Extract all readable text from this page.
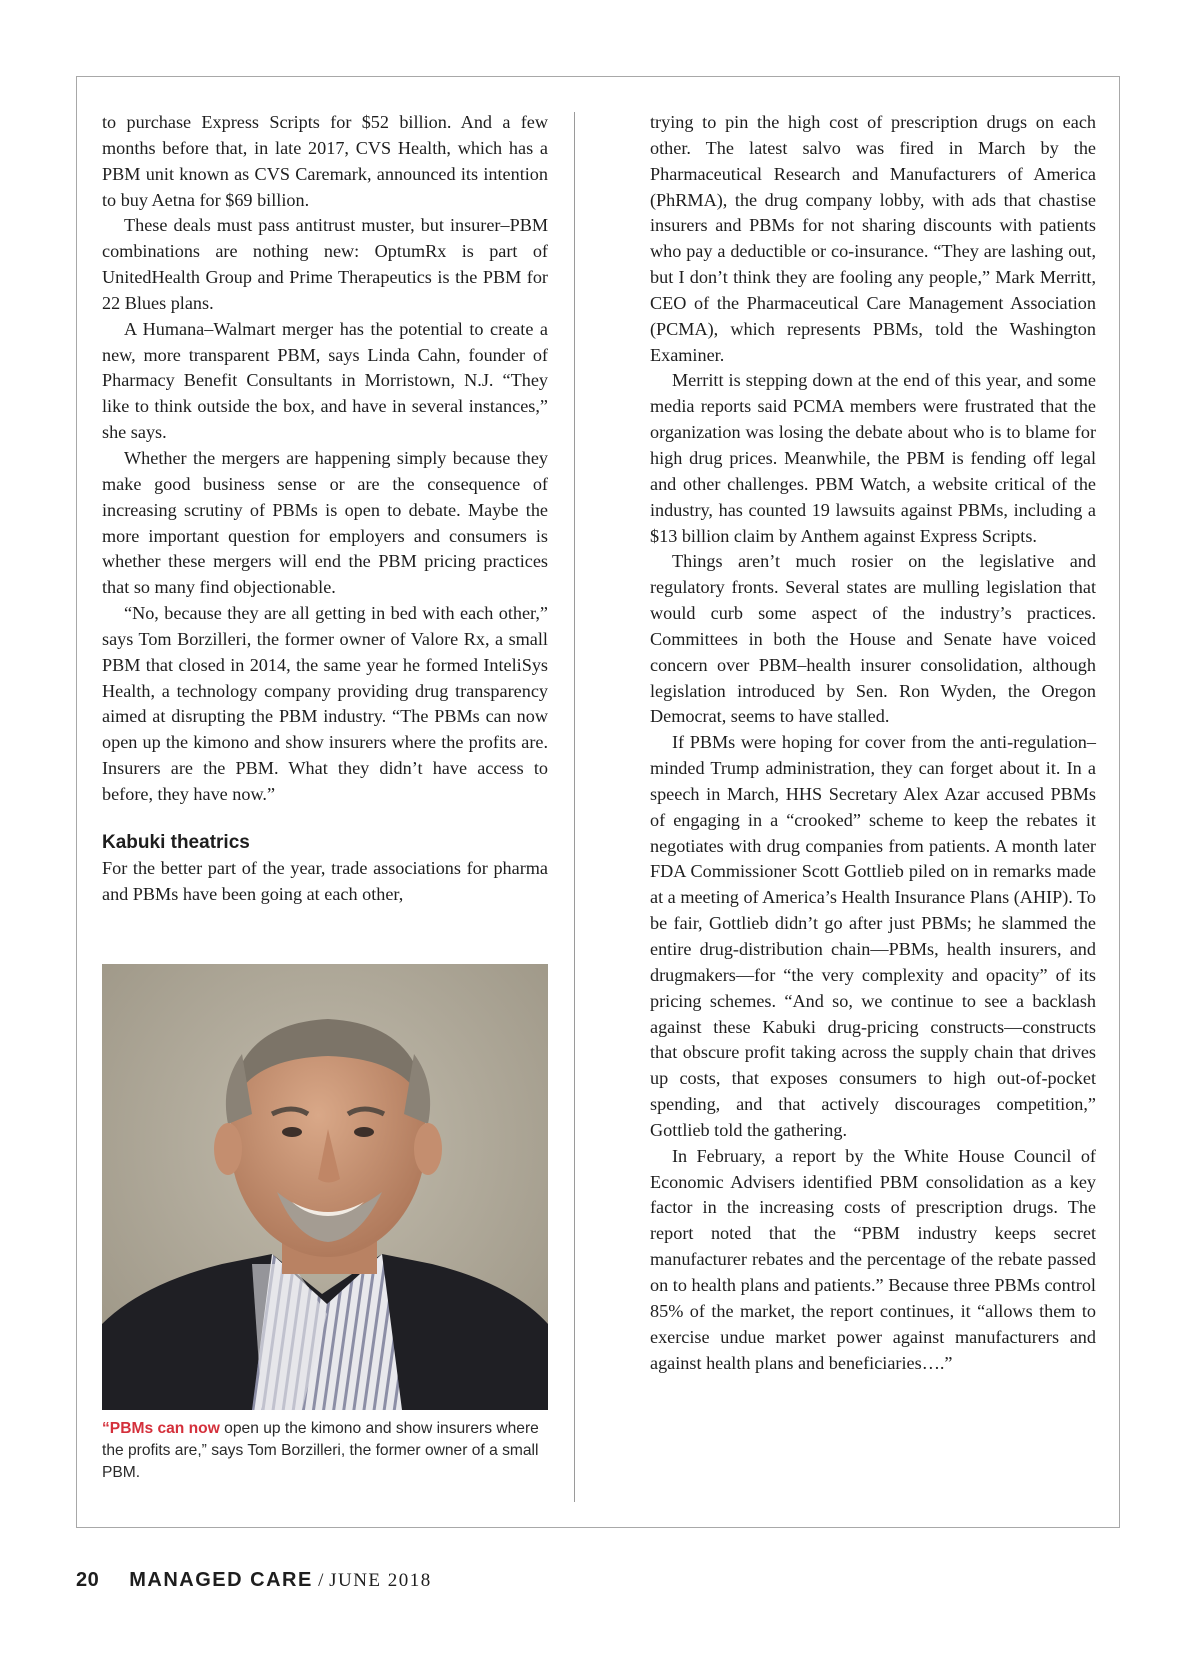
to purchase Express Scripts for $52 billion. And a few months before that, in late 2017, CVS Health, which has a PBM unit known as CVS Caremark, announced its intention to buy Aetna for $69 billion.

These deals must pass antitrust muster, but insurer–PBM combinations are nothing new: OptumRx is part of UnitedHealth Group and Prime Therapeutics is the PBM for 22 Blues plans.

A Humana–Walmart merger has the potential to create a new, more transparent PBM, says Linda Cahn, founder of Pharmacy Benefit Consultants in Morristown, N.J. “They like to think outside the box, and have in several instances,” she says.

Whether the mergers are happening simply because they make good business sense or are the consequence of increasing scrutiny of PBMs is open to debate. Maybe the more important question for employers and consumers is whether these mergers will end the PBM pricing practices that so many find objectionable.

“No, because they are all getting in bed with each other,” says Tom Borzilleri, the former owner of Valore Rx, a small PBM that closed in 2014, the same year he formed InteliSys Health, a technology company providing drug transparency aimed at disrupting the PBM industry. “The PBMs can now open up the kimono and show insurers where the profits are. Insurers are the PBM. What they didn’t have access to before, they have now.”

Kabuki theatrics

For the better part of the year, trade associations for pharma and PBMs have been going at each other,

trying to pin the high cost of prescription drugs on each other. The latest salvo was fired in March by the Pharmaceutical Research and Manufacturers of America (PhRMA), the drug company lobby, with ads that chastise insurers and PBMs for not sharing discounts with patients who pay a deductible or co-insurance. “They are lashing out, but I don’t think they are fooling any people,” Mark Merritt, CEO of the Pharmaceutical Care Management Association (PCMA), which represents PBMs, told the Washington Examiner.

Merritt is stepping down at the end of this year, and some media reports said PCMA members were frustrated that the organization was losing the debate about who is to blame for high drug prices. Meanwhile, the PBM is fending off legal and other challenges. PBM Watch, a website critical of the industry, has counted 19 lawsuits against PBMs, including a $13 billion claim by Anthem against Express Scripts.

Things aren’t much rosier on the legislative and regulatory fronts. Several states are mulling legislation that would curb some aspect of the industry’s practices. Committees in both the House and Senate have voiced concern over PBM–health insurer consolidation, although legislation introduced by Sen. Ron Wyden, the Oregon Democrat, seems to have stalled.

If PBMs were hoping for cover from the anti-regulation–minded Trump administration, they can forget about it. In a speech in March, HHS Secretary Alex Azar accused PBMs of engaging in a “crooked” scheme to keep the rebates it negotiates with drug companies from patients. A month later FDA Commissioner Scott Gottlieb piled on in remarks made at a meeting of America’s Health Insurance Plans (AHIP). To be fair, Gottlieb didn’t go after just PBMs; he slammed the entire drug-distribution chain—PBMs, health insurers, and drugmakers—for “the very complexity and opacity” of its pricing schemes. “And so, we continue to see a backlash against these Kabuki drug-pricing constructs—constructs that obscure profit taking across the supply chain that drives up costs, that exposes consumers to high out-of-pocket spending, and that actively discourages competition,” Gottlieb told the gathering.

In February, a report by the White House Council of Economic Advisers identified PBM consolidation as a key factor in the increasing costs of prescription drugs. The report noted that the “PBM industry keeps secret manufacturer rebates and the percentage of the rebate passed on to health plans and patients.” Because three PBMs control 85% of the market, the report continues, it “allows them to exercise undue market power against manufacturers and against health plans and beneficiaries….”

“PBMs can now open up the kimono and show insurers where the profits are,” says Tom Borzilleri, the former owner of a small PBM.
20 MANAGED CARE / JUNE 2018
